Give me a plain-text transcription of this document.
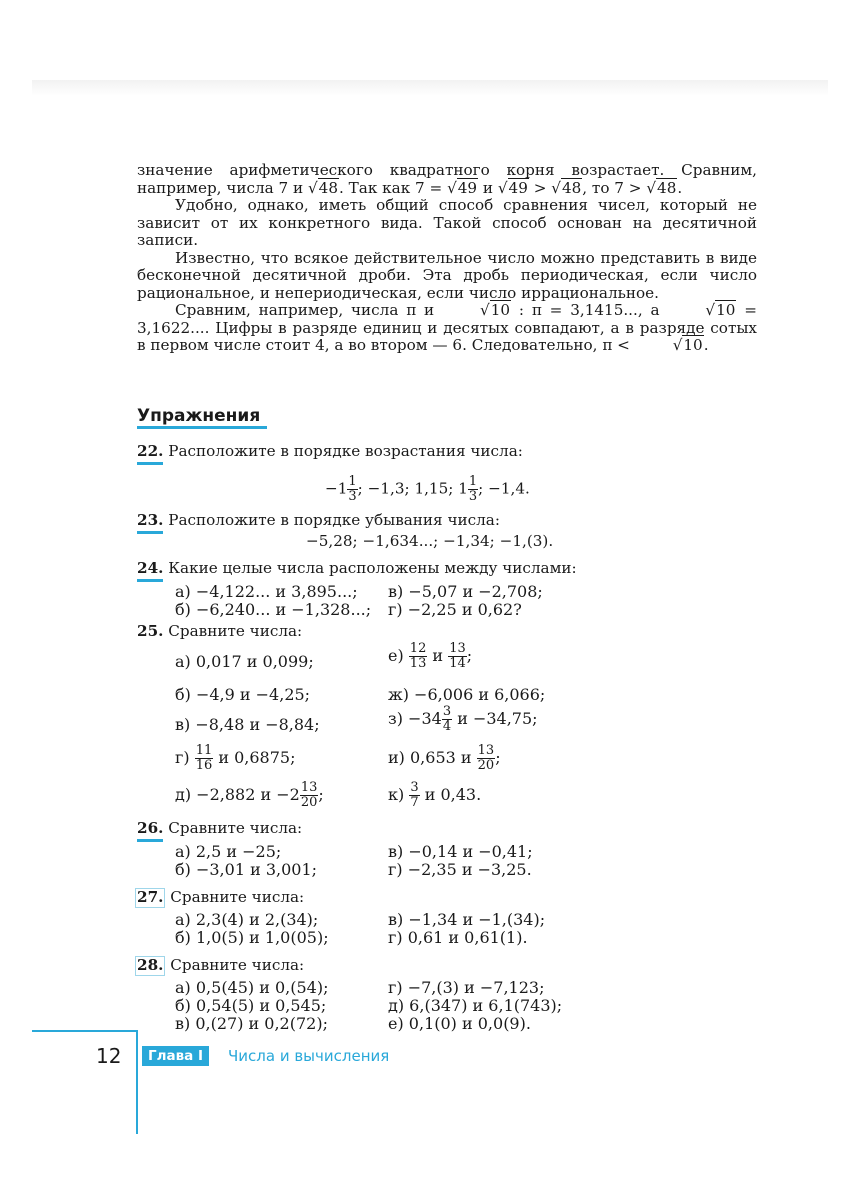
значение арифметического квадратного корня возрастает. Сравним, например, числа 7 и √48. Так как 7 = √49 и √49 > √48, то 7 > √48.

Удобно, однако, иметь общий способ сравнения чисел, который не зависит от их конкретного вида. Такой способ основан на десятичной записи.

Известно, что всякое действительное число можно представить в виде бесконечной десятичной дроби. Эта дробь периодическая, если число рациональное, и непериодическая, если число иррациональное.

Сравним, например, числа π и	√10 : π = 3,1415..., а	√10 = 3,1622.... Цифры в разряде единиц и десятых совпадают, а в разряде сотых в первом числе стоит 4, а во втором — 6. Следовательно, π <	√10.

Упражнения
22. Расположите в порядке возрастания числа:
$-1 \frac{1}{3}$ ; −1,3; 1,15; $1 \frac{1}{3}$ ; −1,4.
23. Расположите в порядке убывания числа:
−5,28; −1,634...; −1,34; −1,(3).
24. Какие целые числа расположены между числами:
а) −4,122... и 3,895...; в) −5,07 и −2,708;
б) −6,240... и −1,328...; г) −2,25 и 0,62?
25. Сравните числа:
а) 0,017 и 0,099;	$е) \frac{12}{13}$ и $\frac{13}{14}$ ;
б) −4,9 и −4,25;	ж) −6,006 и 6,066;
в) −8,48 и −8,84;	$з) -34 \frac{3}{4}$ и −34,75;
$г) \frac{11}{16}$ и 0,6875;	и) 0,653 и $\frac{13}{20}$ ;
д) −2,882 $и -2 \frac{13}{20}$ ;	$к) \frac{3}{7}$ и 0,43.
26. Сравните числа:
а) 2,5 и −25;	в) −0,14 и −0,41;
б) −3,01 и 3,001;	г) −2,35 и −3,25.
27. Сравните числа:
а) 2,3(4) и 2,(34);	в) −1,34 и −1,(34);
б) 1,0(5) и 1,0(05);	г) 0,61 и 0,61(1).
28. Сравните числа:
а) 0,5(45) и 0,(54);	г) −7,(3) и −7,123;
б) 0,54(5) и 0,545;	д) 6,(347) и 6,1(743);
в) 0,(27) и 0,2(72);	е) 0,1(0) и 0,0(9).
12	Глава I	Числа и вычисления
